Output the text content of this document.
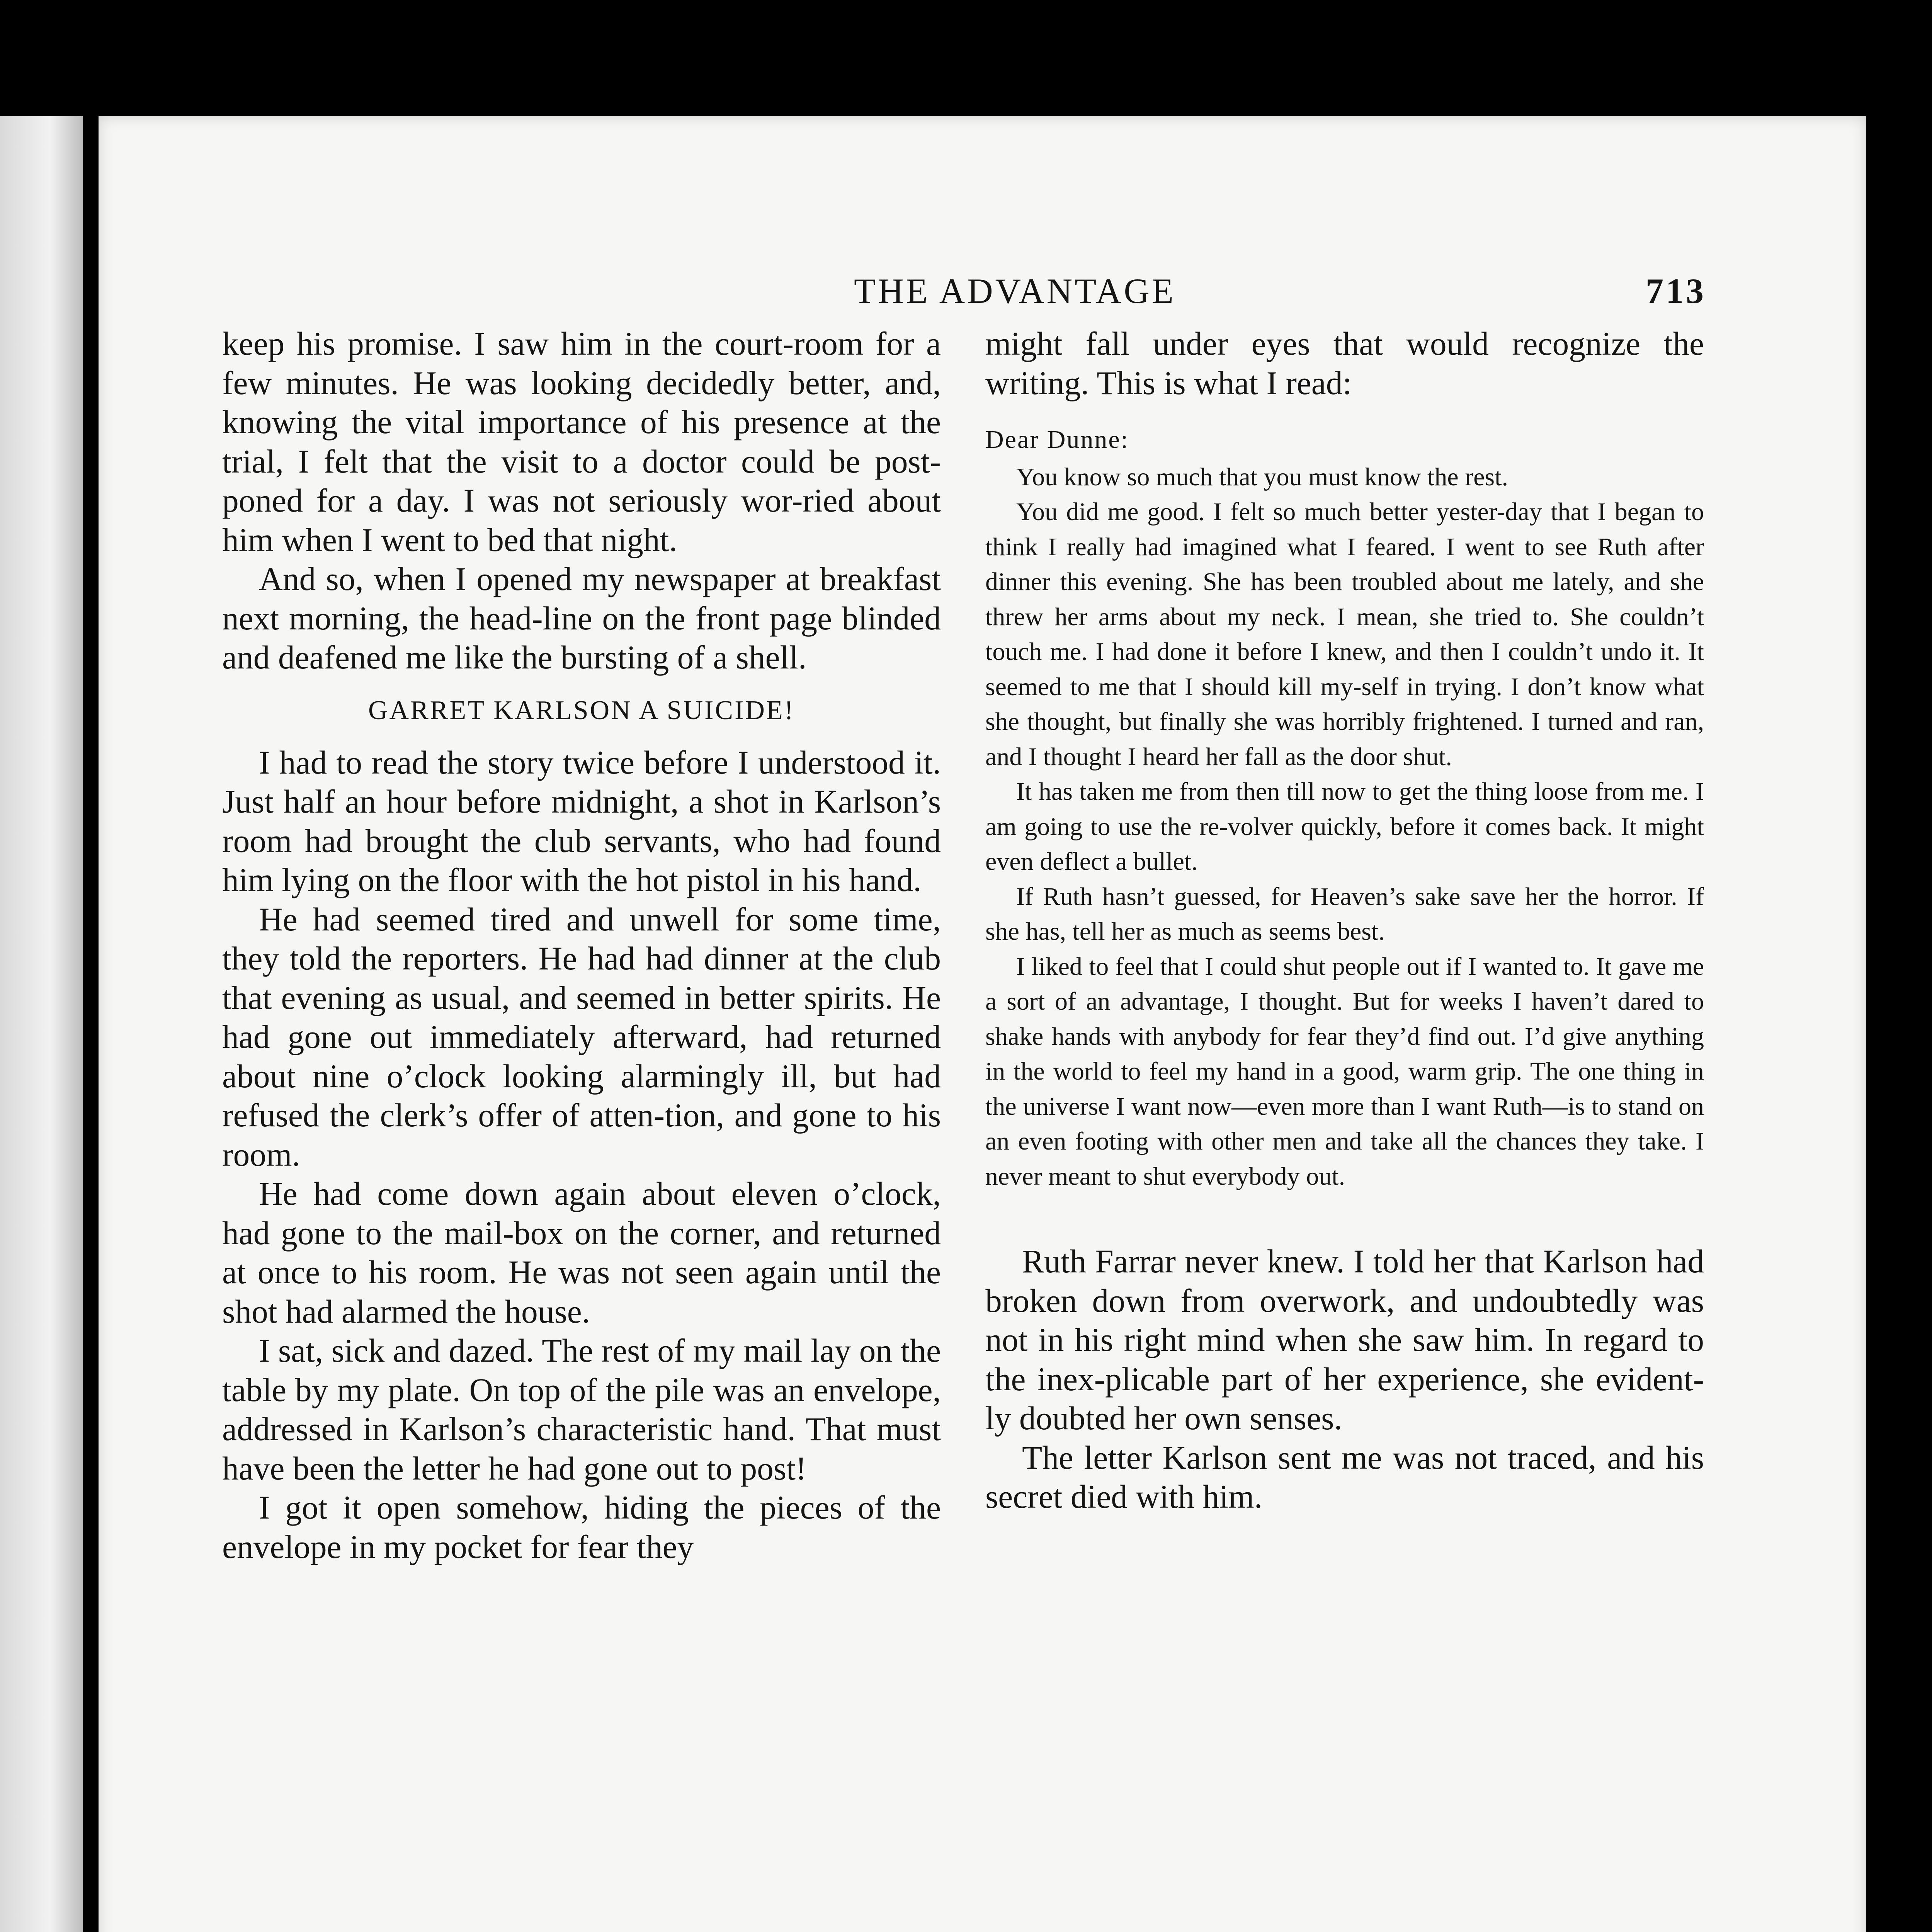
THE ADVANTAGE	713

keep his promise. I saw him in the court-room for a few minutes. He was looking decidedly better, and, knowing the vital importance of his presence at the trial, I felt that the visit to a doctor could be post-poned for a day. I was not seriously wor-ried about him when I went to bed that night.

And so, when I opened my newspaper at breakfast next morning, the head-line on the front page blinded and deafened me like the bursting of a shell.

GARRET KARLSON A SUICIDE!

I had to read the story twice before I understood it. Just half an hour before midnight, a shot in Karlson’s room had brought the club servants, who had found him lying on the floor with the hot pistol in his hand.

He had seemed tired and unwell for some time, they told the reporters. He had had dinner at the club that evening as usual, and seemed in better spirits. He had gone out immediately afterward, had returned about nine o’clock looking alarmingly ill, but had refused the clerk’s offer of atten-tion, and gone to his room.

He had come down again about eleven o’clock, had gone to the mail-box on the corner, and returned at once to his room. He was not seen again until the shot had alarmed the house.

I sat, sick and dazed. The rest of my mail lay on the table by my plate. On top of the pile was an envelope, addressed in Karlson’s characteristic hand. That must have been the letter he had gone out to post!

I got it open somehow, hiding the pieces of the envelope in my pocket for fear they

might fall under eyes that would recognize the writing. This is what I read:

Dear Dunne:

You know so much that you must know the rest.

You did me good. I felt so much better yester-day that I began to think I really had imagined what I feared. I went to see Ruth after dinner this evening. She has been troubled about me lately, and she threw her arms about my neck. I mean, she tried to. She couldn’t touch me. I had done it before I knew, and then I couldn’t undo it. It seemed to me that I should kill my-self in trying. I don’t know what she thought, but finally she was horribly frightened. I turned and ran, and I thought I heard her fall as the door shut.

It has taken me from then till now to get the thing loose from me. I am going to use the re-volver quickly, before it comes back. It might even deflect a bullet.

If Ruth hasn’t guessed, for Heaven’s sake save her the horror. If she has, tell her as much as seems best.

I liked to feel that I could shut people out if I wanted to. It gave me a sort of an advantage, I thought. But for weeks I haven’t dared to shake hands with anybody for fear they’d find out. I’d give anything in the world to feel my hand in a good, warm grip. The one thing in the universe I want now—even more than I want Ruth—is to stand on an even footing with other men and take all the chances they take. I never meant to shut everybody out.

Ruth Farrar never knew. I told her that Karlson had broken down from overwork, and undoubtedly was not in his right mind when she saw him. In regard to the inex-plicable part of her experience, she evident-ly doubted her own senses.

The letter Karlson sent me was not traced, and his secret died with him.
